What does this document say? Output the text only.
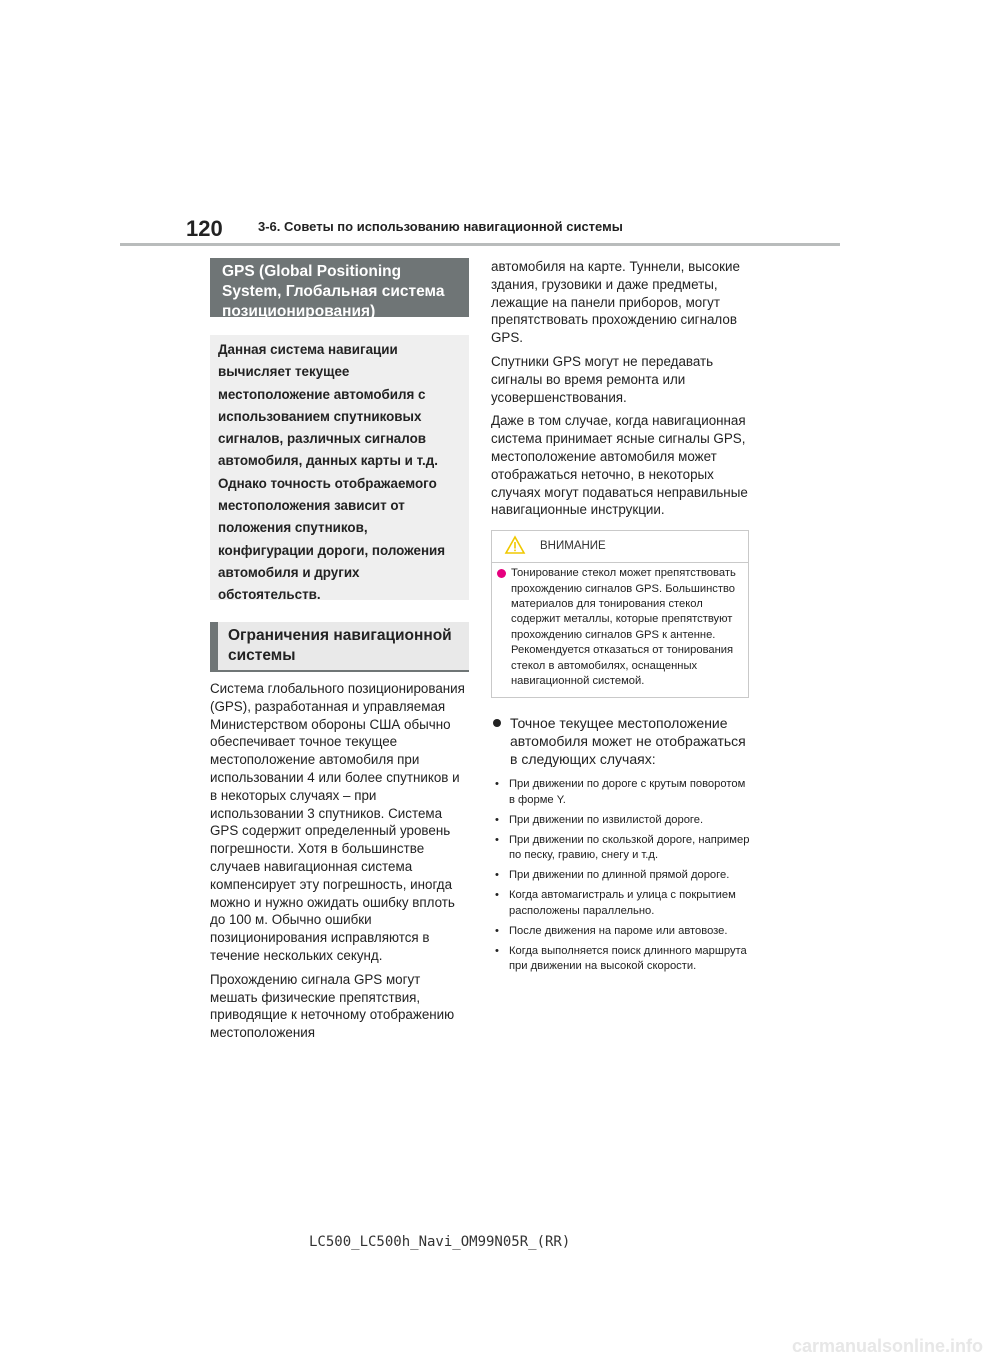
120	3-6. Советы по использованию навигационной системы
GPS (Global Positioning System, Глобальная система позиционирования)
Данная система навигации вычисляет текущее местоположение автомобиля с использованием спутниковых сигналов, различных сигналов автомобиля, данных карты и т.д. Однако точность отображаемого местоположения зависит от положения спутников, конфигурации дороги, положения автомобиля и других обстоятельств.
Ограничения навигационной системы

Система глобального позиционирования (GPS), разработанная и управляемая Министерством обороны США обычно обеспечивает точное текущее местоположение автомобиля при использовании 4 или более спутников и в некоторых случаях – при использовании 3 спутников. Система GPS содержит определенный уровень погрешности. Хотя в большинстве случаев навигационная система компенсирует эту погрешность, иногда можно и нужно ожидать ошибку вплоть до 100 м. Обычно ошибки позиционирования исправляются в течение нескольких секунд.

Прохождению сигнала GPS могут мешать физические препятствия, приводящие к неточному отображению местоположения

автомобиля на карте. Туннели, высокие здания, грузовики и даже предметы, лежащие на панели приборов, могут препятствовать прохождению сигналов GPS.

Спутники GPS могут не передавать сигналы во время ремонта или усовершенствования.

Даже в том случае, когда навигационная система принимает ясные сигналы GPS, местоположение автомобиля может отображаться неточно, в некоторых случаях могут подаваться неправильные навигационные инструкции.

ВНИМАНИЕ
Тонирование стекол может препятствовать прохождению сигналов GPS. Большинство материалов для тонирования стекол содержит металлы, которые препятствуют прохождению сигналов GPS к антенне. Рекомендуется отказаться от тонирования стекол в автомобилях, оснащенных навигационной системой.
Точное текущее местоположение автомобиля может не отображаться в следующих случаях:
• При движении по дороге с крутым поворотом в форме Y.
• При движении по извилистой дороге.
• При движении по скользкой дороге, например по песку, гравию, снегу и т.д.
• При движении по длинной прямой дороге.
• Когда автомагистраль и улица с покрытием расположены параллельно.
• После движения на пароме или автовозе.
• Когда выполняется поиск длинного маршрута при движении на высокой скорости.
LC500_LC500h_Navi_OM99N05R_(RR)
carmanualsonline.info
